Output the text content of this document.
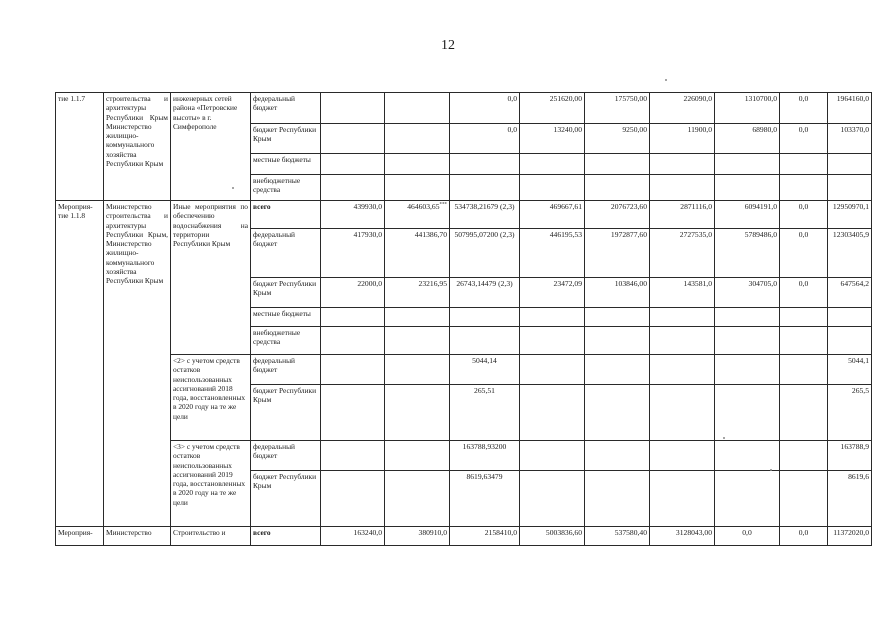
12
тие 1.1.7	строительства и архитектуры Республики Крым Министерство жилищно-коммунального хозяйства Республики Крым	инженерных сетей района «Петровские высоты» в г. Симферополе	федеральный бюджет			0,0	251620,00	175750,00	226090,0	1310700,0	0,0	1964160,0
			бюджет Республики Крым			0,0	13240,00	9250,00	11900,0	68980,0	0,0	103370,0
			местные бюджеты									
			внебюджетные средства									
Мероприя-тие 1.1.8	Министерство строительства и архитектуры Республики Крым, Министерство жилищно-коммунального хозяйства Республики Крым	Иные мероприятия по обеспечению водоснабжения на территории Республики Крым	всего	439930,0	464603,65***	534738,21679 (2,3)	469667,61	2076723,60	2871116,0	6094191,0	0,0	12950970,1
			федеральный бюджет	417930,0	441386,70	507995,07200 (2,3)	446195,53	1972877,60	2727535,0	5789486,0	0,0	12303405,9
			бюджет Республики Крым	22000,0	23216,95	26743,14479 (2,3)	23472,09	103846,00	143581,0	304705,0	0,0	647564,2
			местные бюджеты									
			внебюджетные средства									
		<2> с учетом средств остатков неиспользованных ассигнований 2018 года, восстановленных в 2020 году на те же цели	федеральный бюджет			5044,14						5044,1
			бюджет Республики Крым			265,51						265,5
		<3> с учетом средств остатков неиспользованных ассигнований 2019 года, восстановленных в 2020 году на те же цели	федеральный бюджет			163788,93200						163788,9
			бюджет Республики Крым			8619,63479						8619,6
Мероприя-	Министерство	Строительство и	всего	163240,0	380910,0	2158410,0	5003836,60	537580,40	3128043,00	0,0	0,0	11372020,0
